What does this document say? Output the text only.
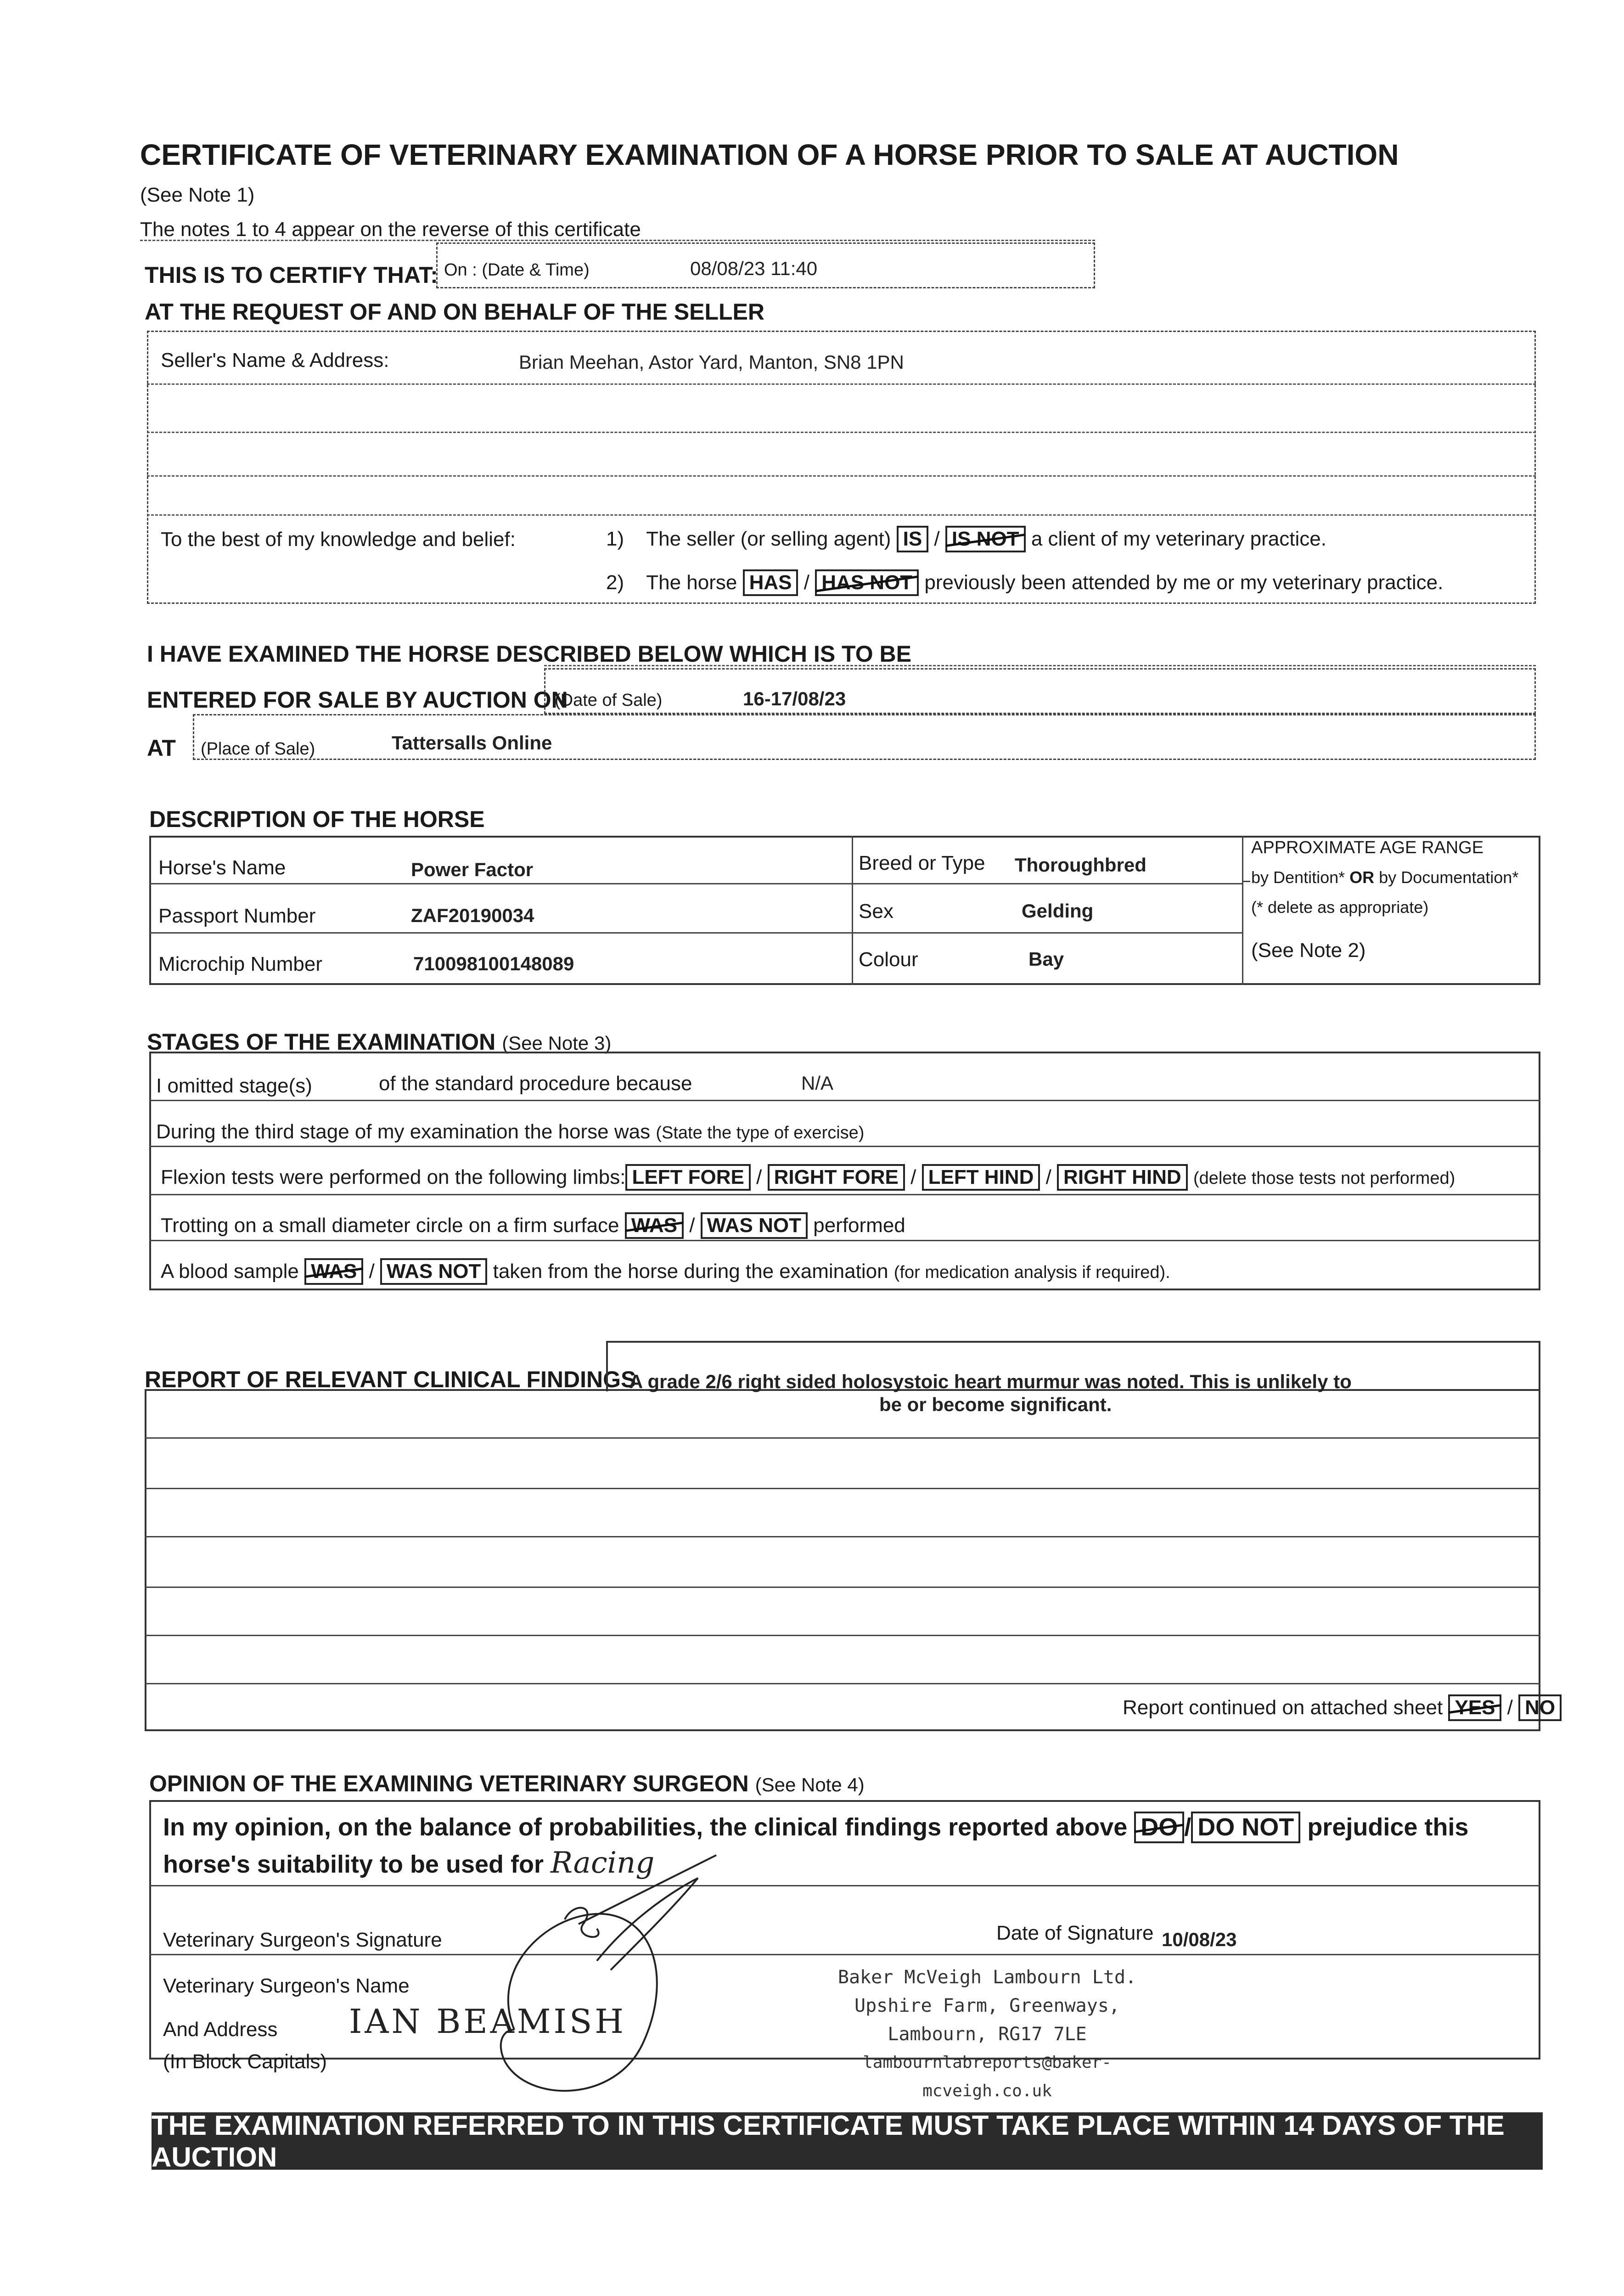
CERTIFICATE OF VETERINARY EXAMINATION OF A HORSE PRIOR TO SALE AT AUCTION
(See Note 1)
The notes 1 to 4 appear on the reverse of this certificate
THIS IS TO CERTIFY THAT: On : (Date & Time)	08/08/23 11:40
AT THE REQUEST OF AND ON BEHALF OF THE SELLER
Seller's Name & Address:	Brian Meehan, Astor Yard, Manton, SN8 1PN
To the best of my knowledge and belief:	1) The seller (or selling agent) IS / IS NOT a client of my veterinary practice.
2) The horse HAS / HAS NOT previously been attended by me or my veterinary practice.
I HAVE EXAMINED THE HORSE DESCRIBED BELOW WHICH IS TO BE
ENTERED FOR SALE BY AUCTION ON
(Date of Sale)	16-17/08/23
AT (Place of Sale)	Tattersalls Online
DESCRIPTION OF THE HORSE
Horse's Name	Power Factor
Passport Number	ZAF20190034
Microchip Number	710098100148089
Breed or Type Thoroughbred
Sex	Gelding
Colour	Bay
APPROXIMATE AGE RANGE
by Dentition* OR by Documentation*
(* delete as appropriate)
(See Note 2)
STAGES OF THE EXAMINATION (See Note 3)
I omitted stage(s)	of the standard procedure because	N/A
During the third stage of my examination the horse was (State the type of exercise)
Flexion tests were performed on the following limbs: LEFT FORE / RIGHT FORE / LEFT HIND / RIGHT HIND (delete those tests not performed)
Trotting on a small diameter circle on a firm surface WAS / WAS NOT performed
A blood sample WAS / WAS NOT taken from the horse during the examination (for medication analysis if required).
REPORT OF RELEVANT CLINICAL FINDINGS
A grade 2/6 right sided holosystoic heart murmur was noted. This is unlikely to
be or become significant.
Report continued on attached sheet YES / NO
OPINION OF THE EXAMINING VETERINARY SURGEON (See Note 4)
In my opinion, on the balance of probabilities, the clinical findings reported above DO / DO NOT prejudice this
horse's suitability to be used for Racing
Veterinary Surgeon's Signature	Date of Signature 10/08/23
Veterinary Surgeon's Name
And Address
(In Block Capitals)
IAN BEAMISH
Baker McVeigh Lambourn Ltd.
Upshire Farm, Greenways,
Lambourn, RG17 7LE
lambournlabreports@baker-mcveigh.co.uk
THE EXAMINATION REFERRED TO IN THIS CERTIFICATE MUST TAKE PLACE WITHIN 14 DAYS OF THE AUCTION
